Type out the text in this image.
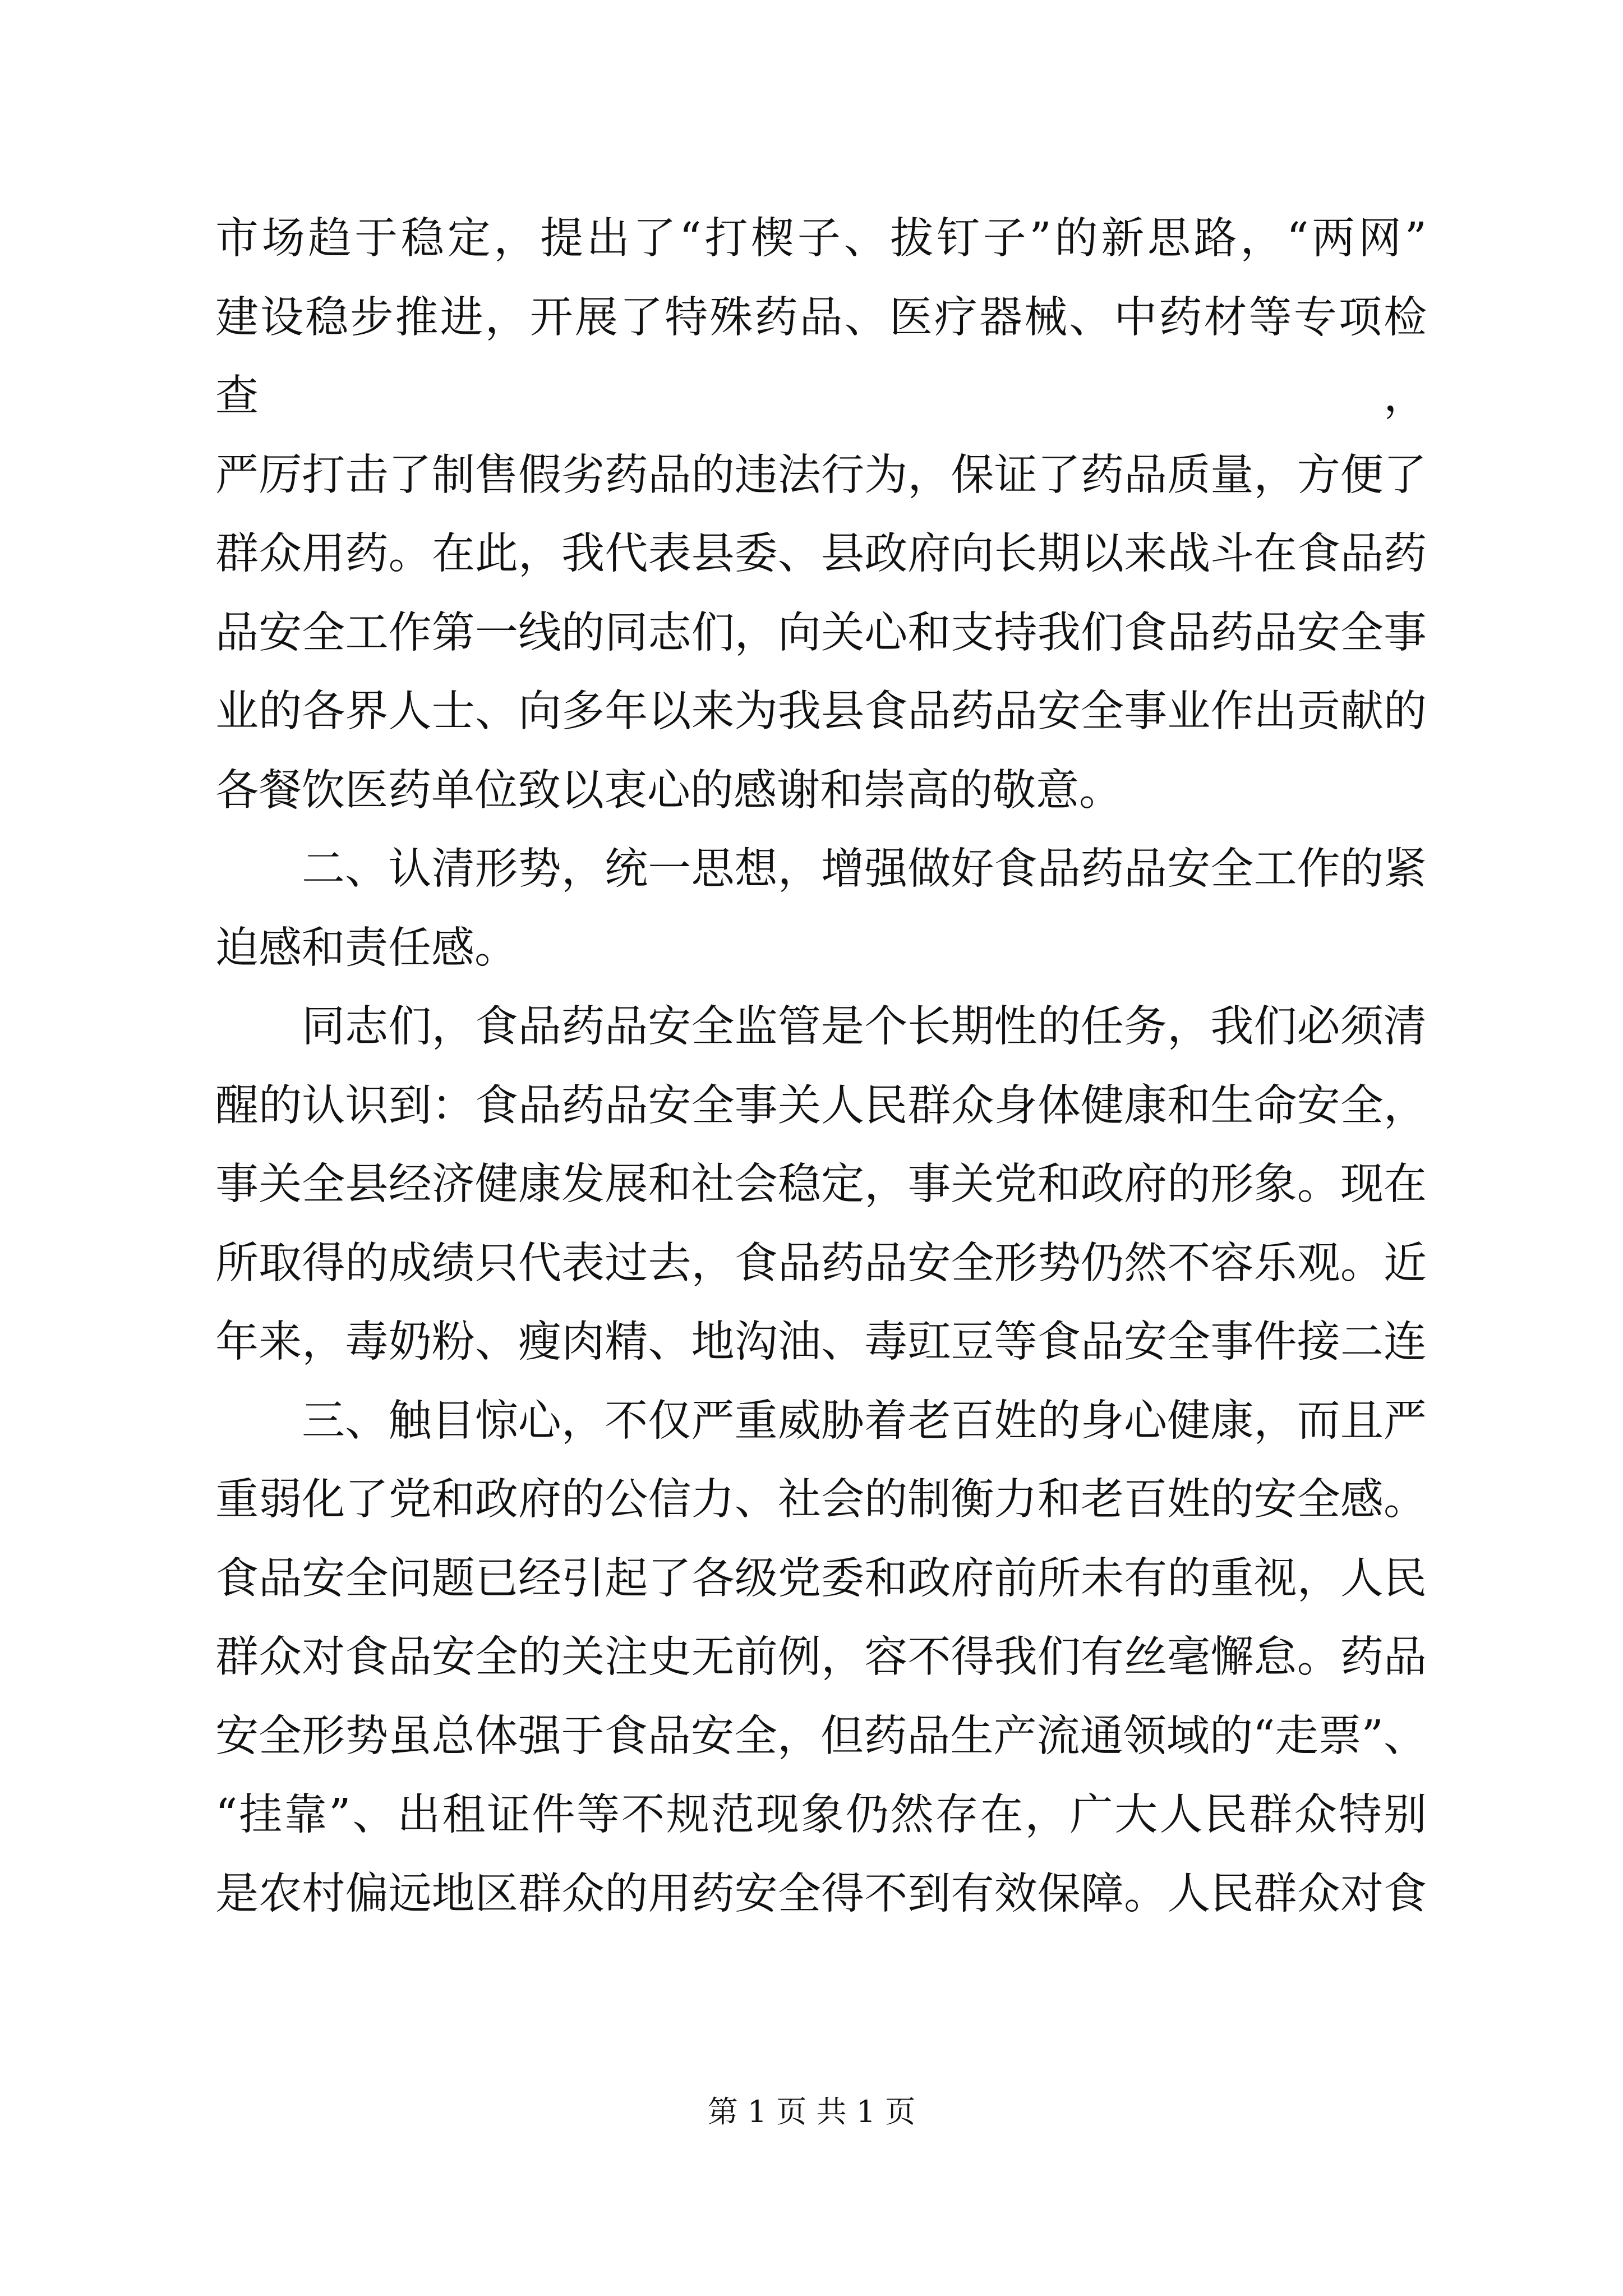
市场趋于稳定，提出了“打楔子、拔钉子”的新思路，“两网”

建设稳步推进，开展了特殊药品、医疗器械、中药材等专项检查，

严厉打击了制售假劣药品的违法行为，保证了药品质量，方便了

群众用药。在此，我代表县委、县政府向长期以来战斗在食品药

品安全工作第一线的同志们，向关心和支持我们食品药品安全事

业的各界人士、向多年以来为我县食品药品安全事业作出贡献的

各餐饮医药单位致以衷心的感谢和崇高的敬意。

二、认清形势，统一思想，增强做好食品药品安全工作的紧

迫感和责任感。

同志们，食品药品安全监管是个长期性的任务，我们必须清

醒的认识到：食品药品安全事关人民群众身体健康和生命安全，

事关全县经济健康发展和社会稳定，事关党和政府的形象。现在

所取得的成绩只代表过去，食品药品安全形势仍然不容乐观。近

年来，毒奶粉、瘦肉精、地沟油、毒豇豆等食品安全事件接二连

三、触目惊心，不仅严重威胁着老百姓的身心健康，而且严

重弱化了党和政府的公信力、社会的制衡力和老百姓的安全感。

食品安全问题已经引起了各级党委和政府前所未有的重视，人民

群众对食品安全的关注史无前例，容不得我们有丝毫懈怠。药品

安全形势虽总体强于食品安全，但药品生产流通领域的“走票”、

“挂靠”、出租证件等不规范现象仍然存在，广大人民群众特别

是农村偏远地区群众的用药安全得不到有效保障。人民群众对食

第 1 页 共 1 页
